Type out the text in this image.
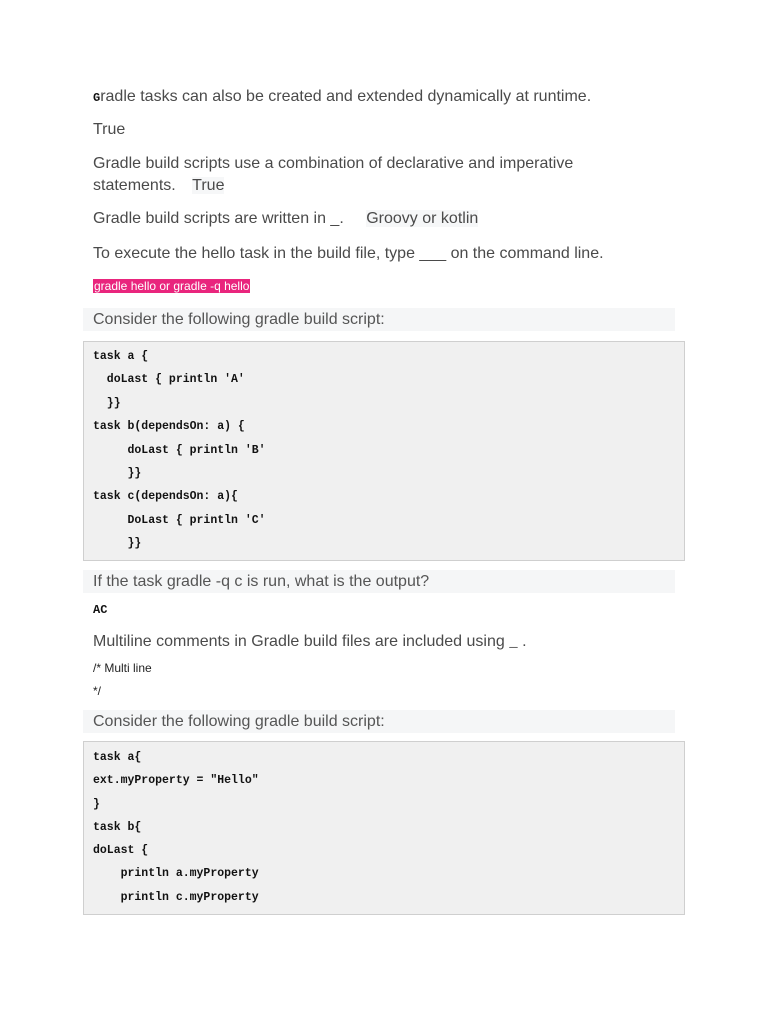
Gradle tasks can also be created and extended dynamically at runtime.
True
Gradle build scripts use a combination of declarative and imperative
statements. True
Gradle build scripts are written in _. Groovy or kotlin
To execute the hello task in the build file, type ___ on the command line.
gradle hello or gradle -q hello
Consider the following gradle build script:
task a {
doLast { println 'A'
}}
task b(dependsOn: a) {
doLast { println 'B'
}}
task c(dependsOn: a){
DoLast { println 'C'
}}
If the task gradle -q c is run, what is the output?
AC
Multiline comments in Gradle build files are included using _ .
/* Multi line
*/
Consider the following gradle build script:
task a{
ext.myProperty = "Hello"
}
task b{
doLast {
println a.myProperty
println c.myProperty
